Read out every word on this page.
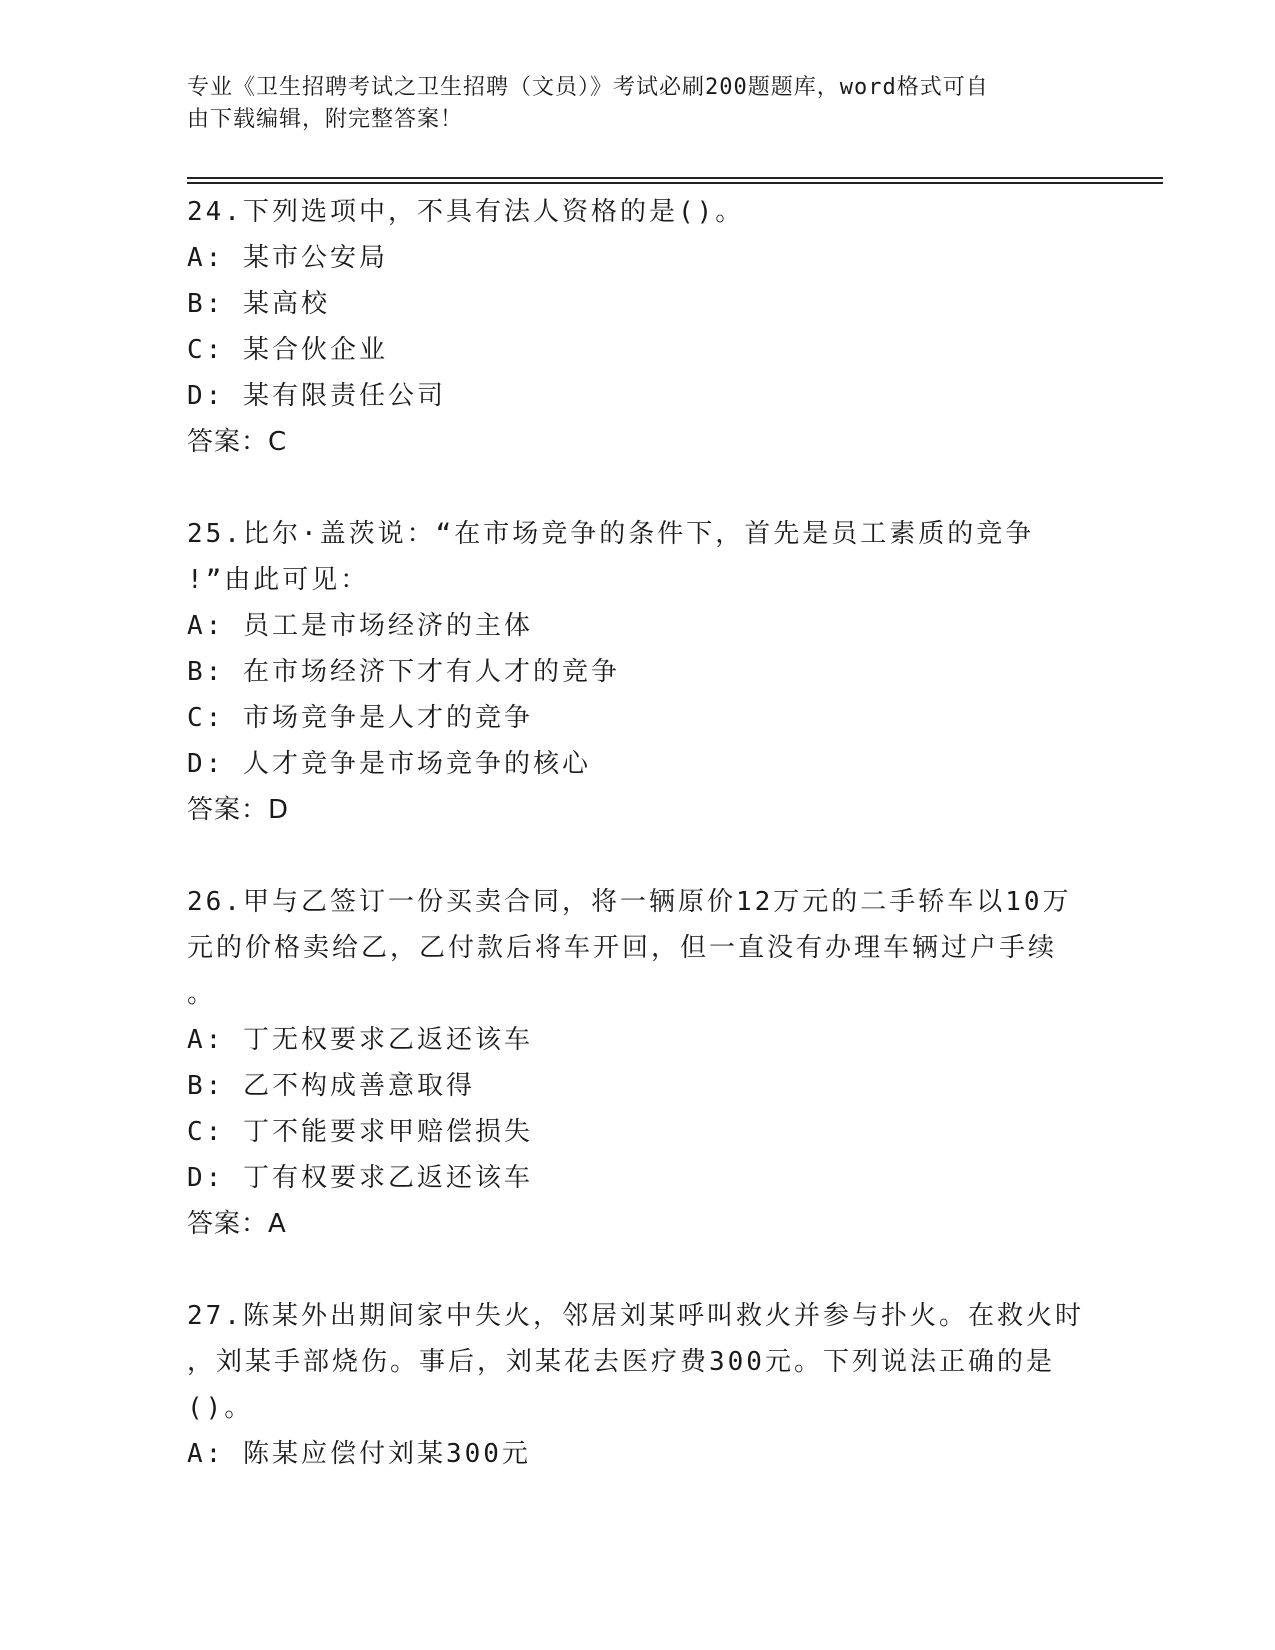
专业《卫生招聘考试之卫生招聘（文员）》考试必刷200题题库，word格式可自
由下载编辑，附完整答案！
24.下列选项中，不具有法人资格的是()。
A: 某市公安局
B: 某高校
C: 某合伙企业
D: 某有限责任公司
答案：C
25.比尔·盖茨说：“在市场竞争的条件下，首先是员工素质的竞争
!”由此可见：
A: 员工是市场经济的主体
B: 在市场经济下才有人才的竞争
C: 市场竞争是人才的竞争
D: 人才竞争是市场竞争的核心
答案：D
26.甲与乙签订一份买卖合同，将一辆原价12万元的二手轿车以10万
元的价格卖给乙，乙付款后将车开回，但一直没有办理车辆过户手续
。
A: 丁无权要求乙返还该车
B: 乙不构成善意取得
C: 丁不能要求甲赔偿损失
D: 丁有权要求乙返还该车
答案：A
27.陈某外出期间家中失火，邻居刘某呼叫救火并参与扑火。在救火时
，刘某手部烧伤。事后，刘某花去医疗费300元。下列说法正确的是
()。
A: 陈某应偿付刘某300元
